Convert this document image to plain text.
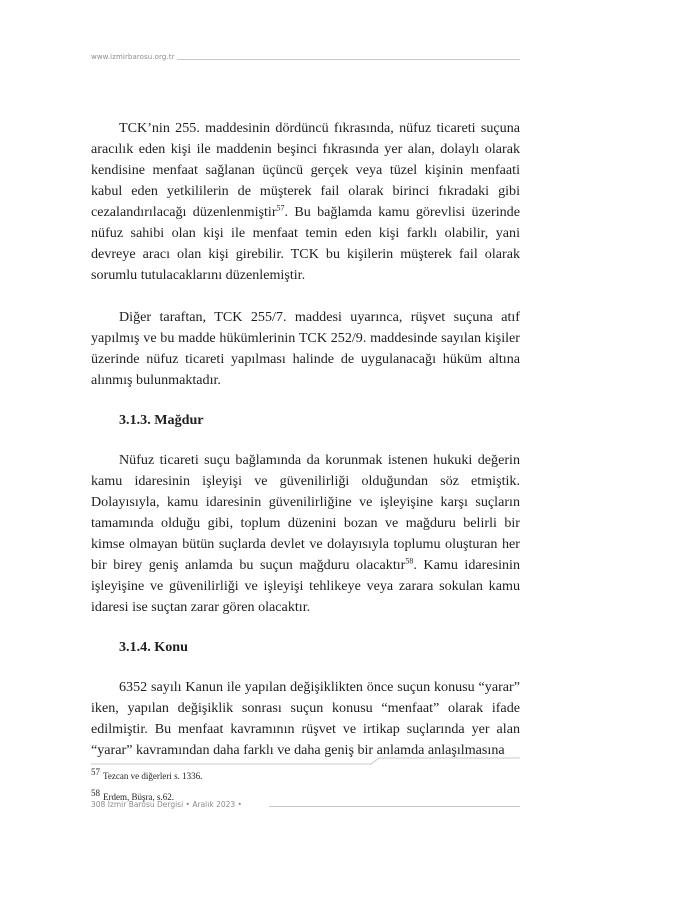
www.izmirbarosu.org.tr

TCK’nin 255. maddesinin dördüncü fıkrasında, nüfuz ticareti suçuna aracılık eden kişi ile maddenin beşinci fıkrasında yer alan, dolaylı olarak kendisine menfaat sağlanan üçüncü gerçek veya tüzel kişinin menfaati kabul eden yetkililerin de müşterek fail olarak birinci fıkradaki gibi cezalandırılacağı düzenlenmiştir$^{57}$. Bu bağlamda kamu görevlisi üzerinde nüfuz sahibi olan kişi ile menfaat temin eden kişi farklı olabilir, yani devreye aracı olan kişi girebilir. TCK bu kişilerin müşterek fail olarak sorumlu tutulacaklarını düzenlemiştir.

Diğer taraftan, TCK 255/7. maddesi uyarınca, rüşvet suçuna atıf yapılmış ve bu madde hükümlerinin TCK 252/9. maddesinde sayılan kişiler üzerinde nüfuz ticareti yapılması halinde de uygulanacağı hüküm altına alınmış bulunmaktadır.

3.1.3. Mağdur

Nüfuz ticareti suçu bağlamında da korunmak istenen hukuki değerin kamu idaresinin işleyişi ve güvenilirliği olduğundan söz etmiştik. Dolayısıyla, kamu idaresinin güvenilirliğine ve işleyişine karşı suçların tamamında olduğu gibi, toplum düzenini bozan ve mağduru belirli bir kimse olmayan bütün suçlarda devlet ve dolayısıyla toplumu oluşturan her bir birey geniş anlamda bu suçun mağduru olacaktır$^{58}$. Kamu idaresinin işleyişine ve güvenilirliği ve işleyişi tehlikeye veya zarara sokulan kamu idaresi ise suçtan zarar gören olacaktır.

3.1.4. Konu

6352 sayılı Kanun ile yapılan değişiklikten önce suçun konusu “yarar” iken, yapılan değişiklik sonrası suçun konusu “menfaat” olarak ifade edilmiştir. Bu menfaat kavramının rüşvet ve irtikap suçlarında yer alan “yarar” kavramından daha farklı ve daha geniş bir anlamda anlaşılmasına

$^{57}$ Tezcan ve diğerleri s. 1336.

$^{58}$ Erdem, Büşra, s.62.

308 İzmir Barosu Dergisi • Aralık 2023 •
